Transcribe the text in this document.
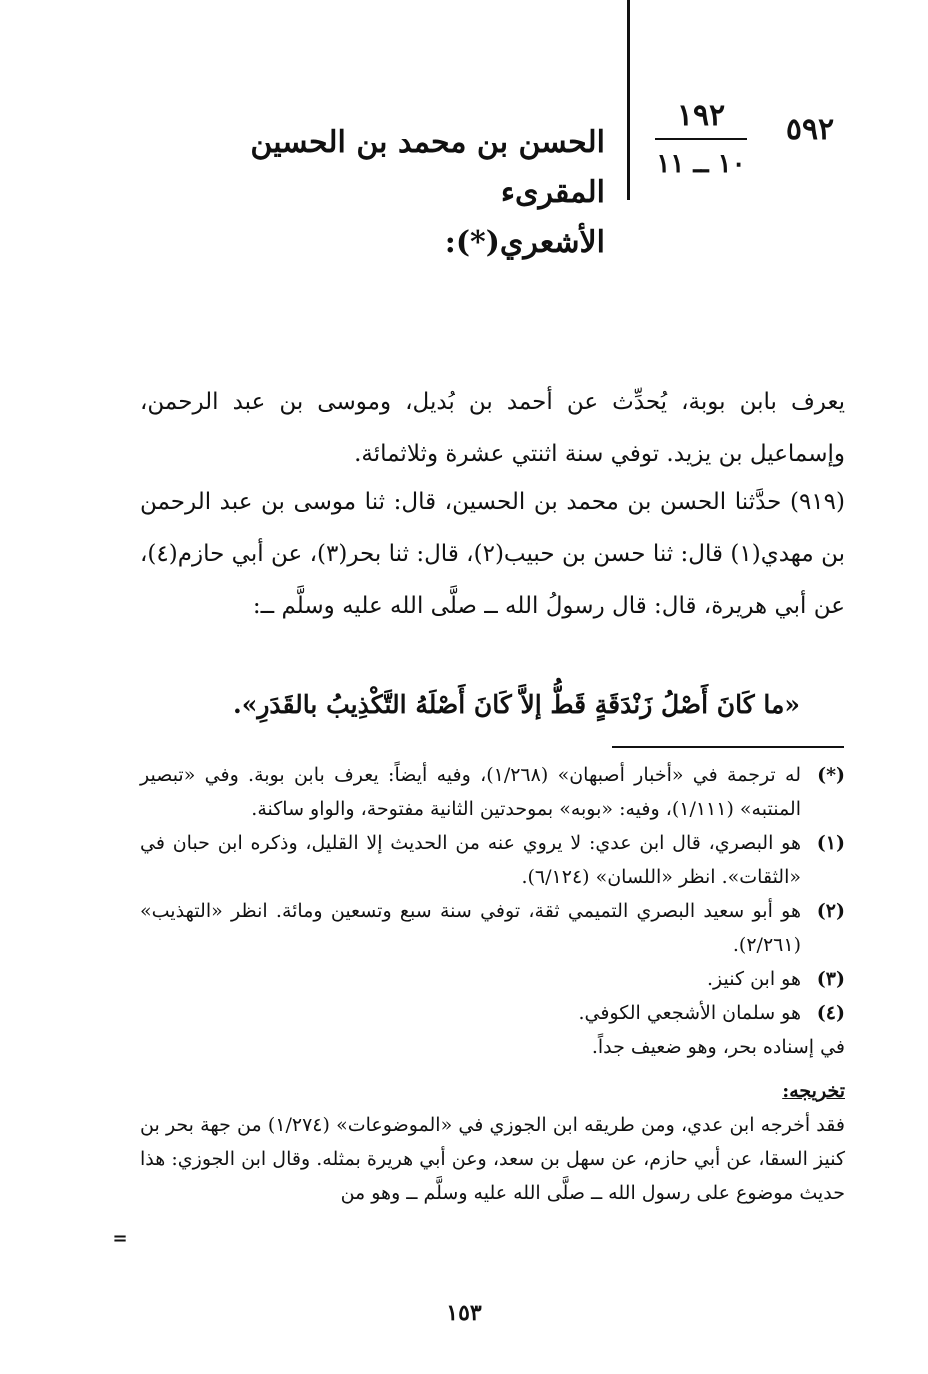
٥٩٢
١٩٢
١٠ ــ ١١
الحسن بن محمد بن الحسين المقرىء
الأشعري(*):

يعرف بابن بوبة، يُحدِّث عن أحمد بن بُديل، وموسى بن عبد الرحمن، وإسماعيل بن يزيد. توفي سنة اثنتي عشرة وثلاثمائة.

(٩١٩) حدَّثنا الحسن بن محمد بن الحسين، قال: ثنا موسى بن عبد الرحمن بن مهدي(١) قال: ثنا حسن بن حبيب(٢)، قال: ثنا بحر(٣)، عن أبي حازم(٤)، عن أبي هريرة، قال: قال رسولُ الله ــ صلَّى الله عليه وسلَّم ــ:

«ما كَانَ أَصْلُ زَنْدَقَةٍ قَطُّ إلاَّ كَانَ أَصْلَهُ التَّكْذِيبُ بالقَدَرِ».

(*)
له ترجمة في «أخبار أصبهان» (١/٢٦٨)، وفيه أيضاً: يعرف بابن بوبة. وفي «تبصير المنتبه» (١/١١١)، وفيه: «بوبه» بموحدتين الثانية مفتوحة، والواو ساكنة.
(١)
هو البصري، قال ابن عدي: لا يروي عنه من الحديث إلا القليل، وذكره ابن حبان في «الثقات». انظر «اللسان» (٦/١٢٤).
(٢)
هو أبو سعيد البصري التميمي ثقة، توفي سنة سبع وتسعين ومائة. انظر «التهذيب» (٢/٢٦١).
(٣)
هو ابن كنيز.
(٤)
هو سلمان الأشجعي الكوفي.
في إسناده بحر، وهو ضعيف جداً.
تخريجه:
فقد أخرجه ابن عدي، ومن طريقه ابن الجوزي في «الموضوعات» (١/٢٧٤) من جهة بحر بن كنيز السقا، عن أبي حازم، عن سهل بن سعد، وعن أبي هريرة بمثله. وقال ابن الجوزي: هذا حديث موضوع على رسول الله ــ صلَّى الله عليه وسلَّم ــ وهو من
=
١٥٣
